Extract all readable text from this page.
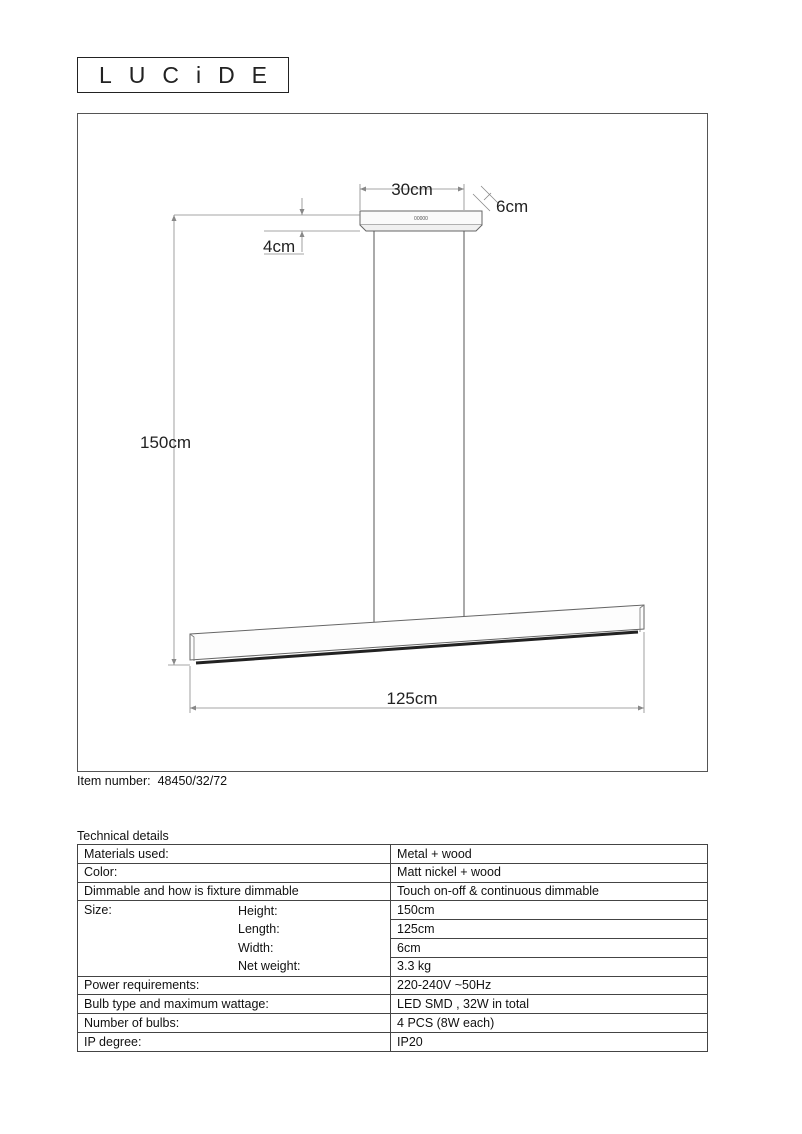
LUCiDE
00000
30cm
6cm
4cm
150cm
125cm
Item number: 48450/32/72
Technical details
Materials used:	Metal + wood
Color:	Matt nickel + wood
Dimmable and how is fixture dimmable	Touch on-off & continuous dimmable
Size: Height:	150cm

Length:	125cm

Width:	6cm

Net weight:	3.3 kg
Power requirements:	220-240V ~50Hz
Bulb type and maximum wattage:	LED SMD , 32W in total
Number of bulbs:	4 PCS (8W each)
IP degree:	IP20
